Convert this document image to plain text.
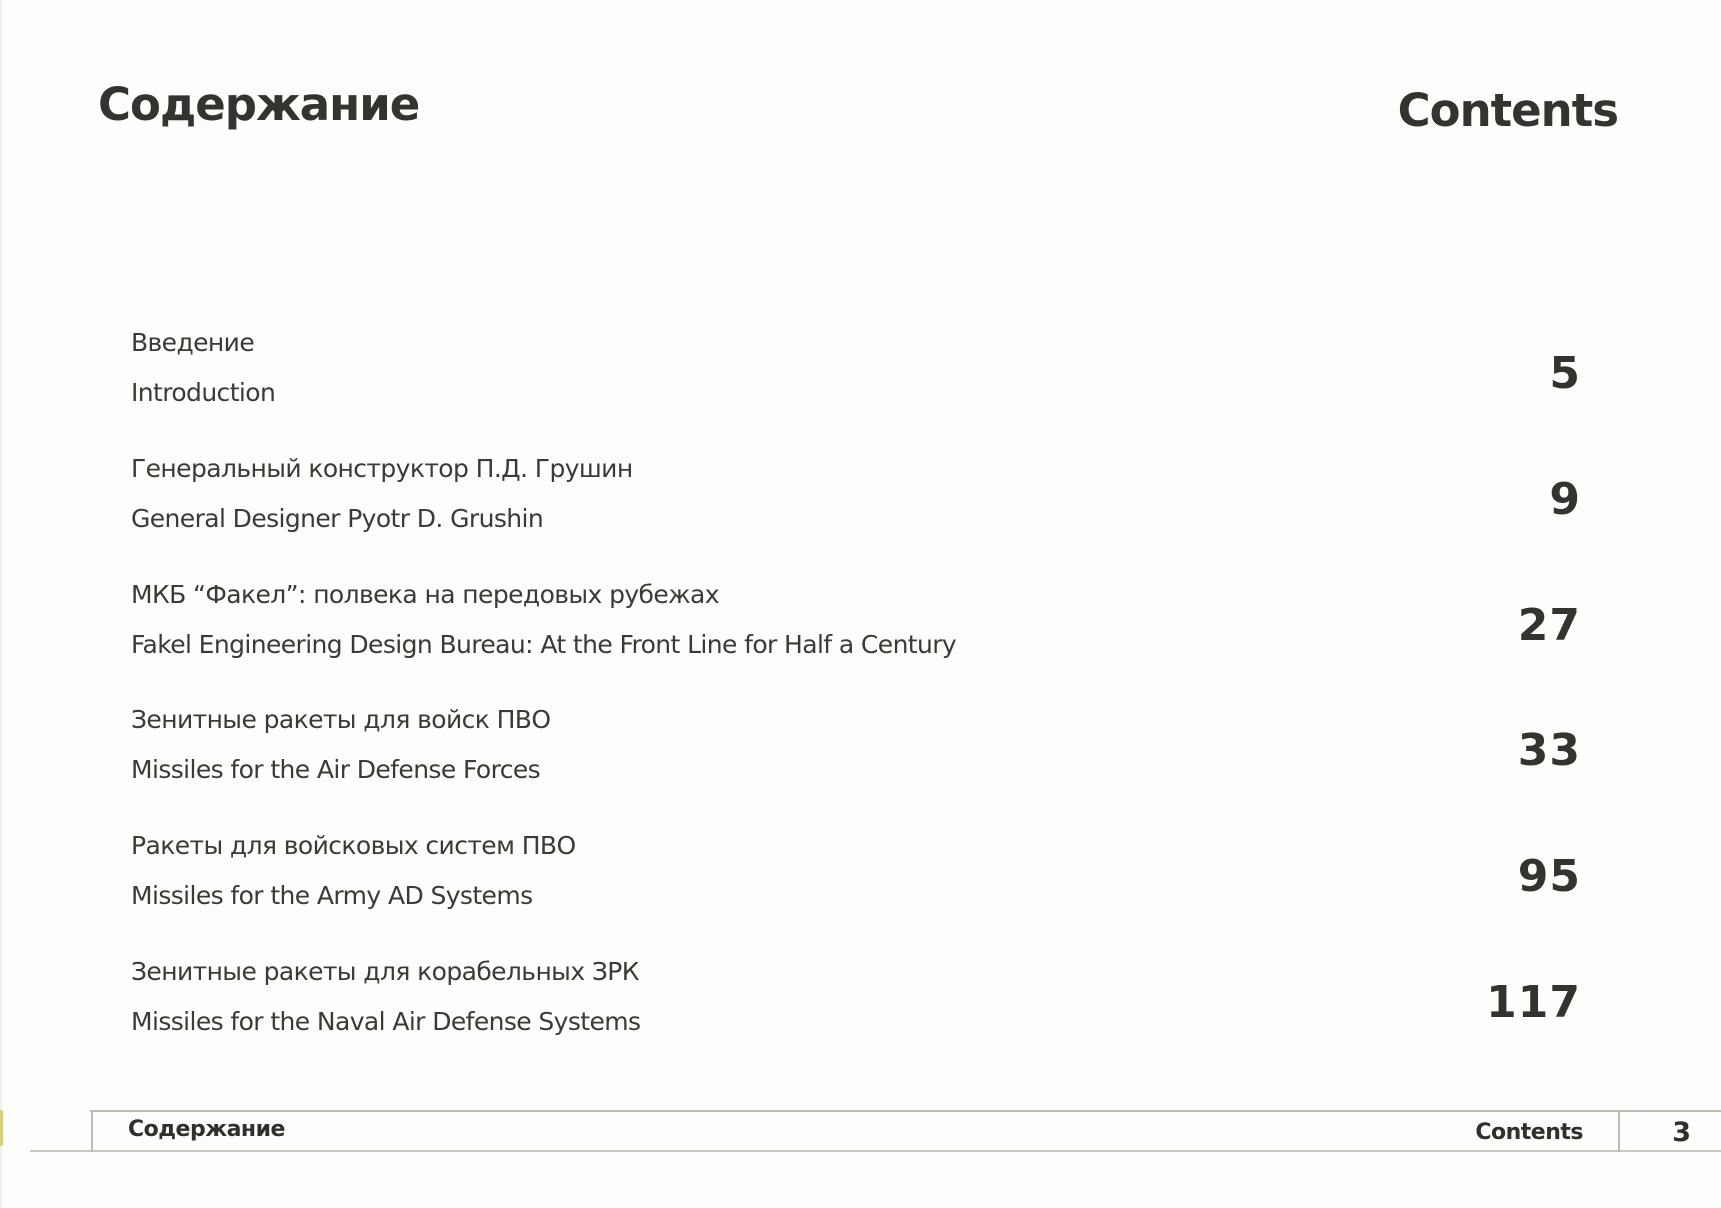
Содержание	Contents
Введение
Introduction	5
Генеральный конструктор П.Д. Грушин
General Designer Pyotr D. Grushin	9
МКБ “Факел”: полвека на передовых рубежах
Fakel Engineering Design Bureau: At the Front Line for Half a Century	27
Зенитные ракеты для войск ПВО
Missiles for the Air Defense Forces	33
Ракеты для войсковых систем ПВО
Missiles for the Army AD Systems	95
Зенитные ракеты для корабельных ЗРК
Missiles for the Naval Air Defense Systems	117
Содержание	Contents	3
